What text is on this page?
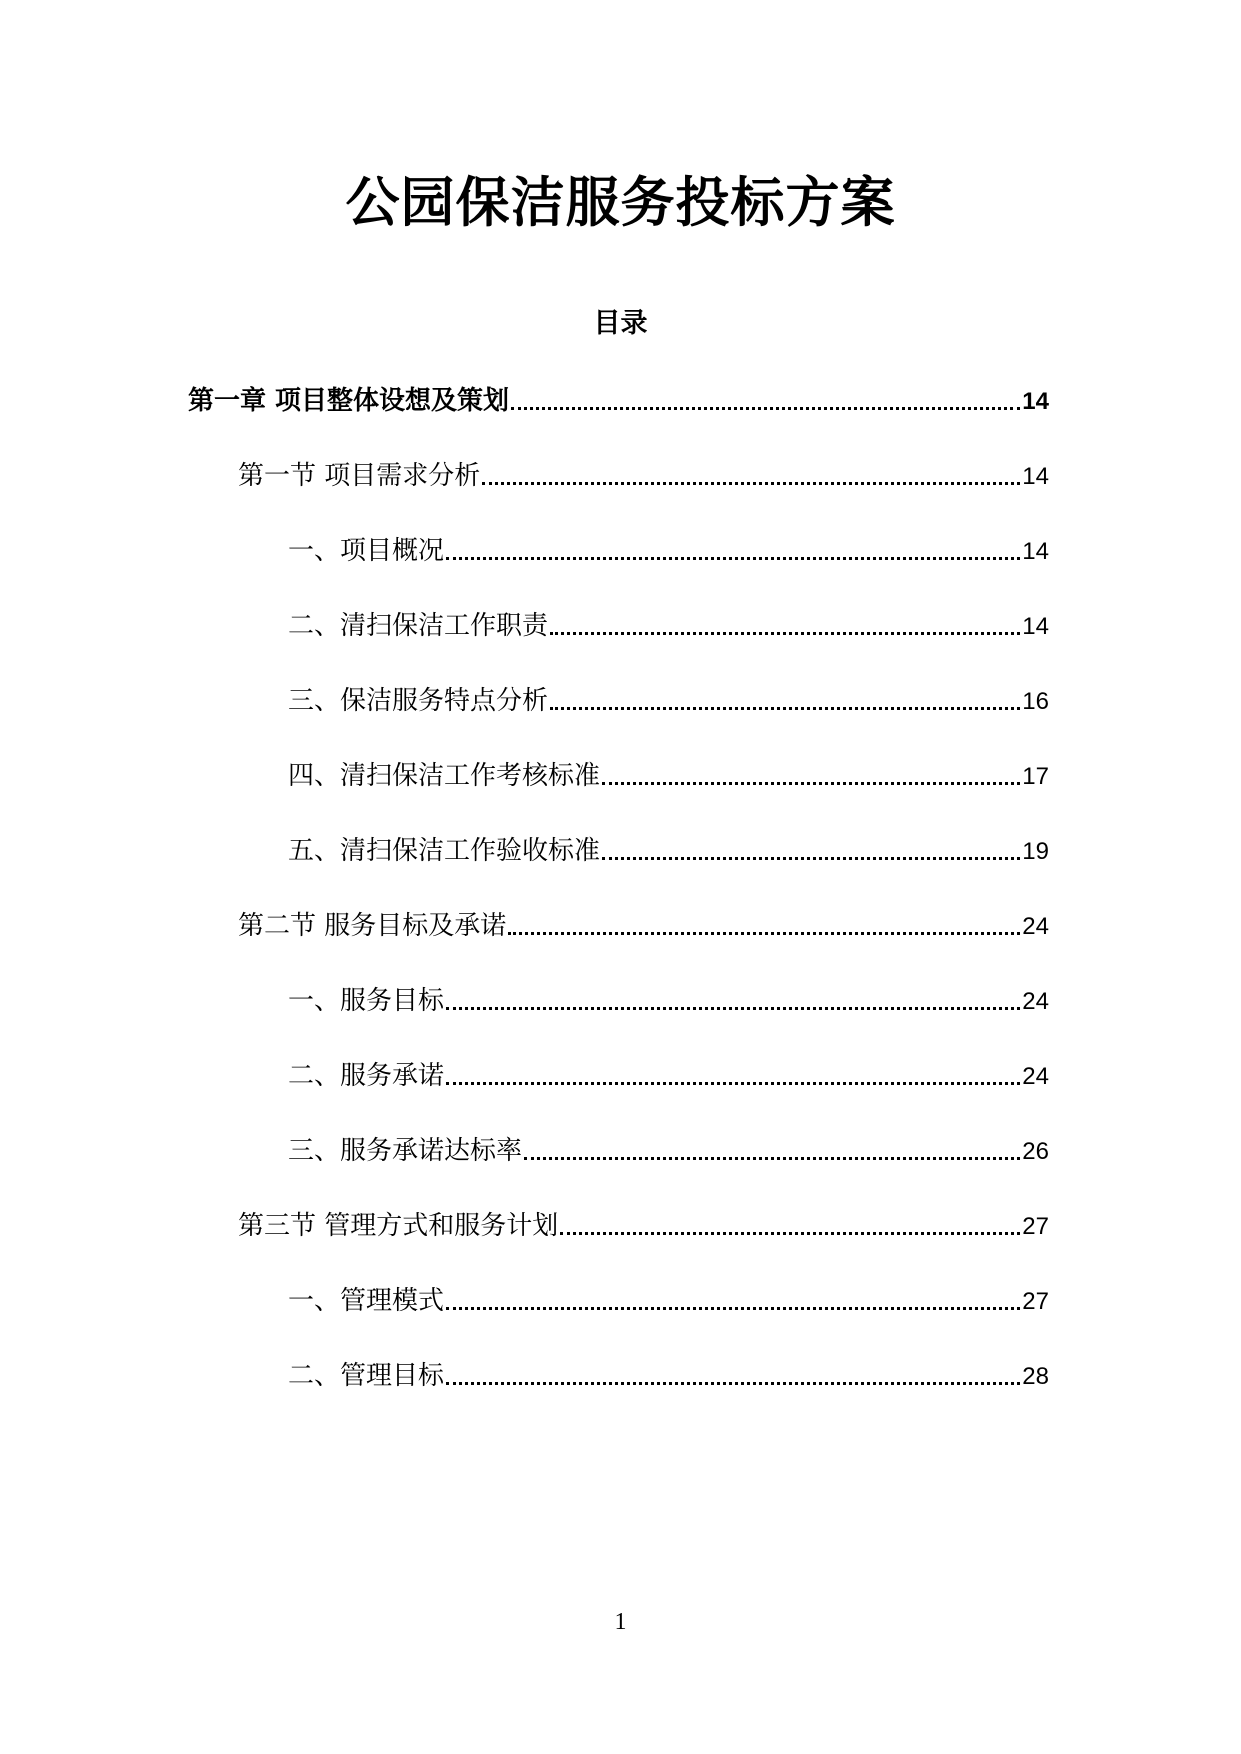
公园保洁服务投标方案
目录
第一章 项目整体设想及策划	14
第一节 项目需求分析	14
一、项目概况	14
二、清扫保洁工作职责	14
三、保洁服务特点分析	16
四、清扫保洁工作考核标准	17
五、清扫保洁工作验收标准	19
第二节 服务目标及承诺	24
一、服务目标	24
二、服务承诺	24
三、服务承诺达标率	26
第三节 管理方式和服务计划	27
一、管理模式	27
二、管理目标	28
1
